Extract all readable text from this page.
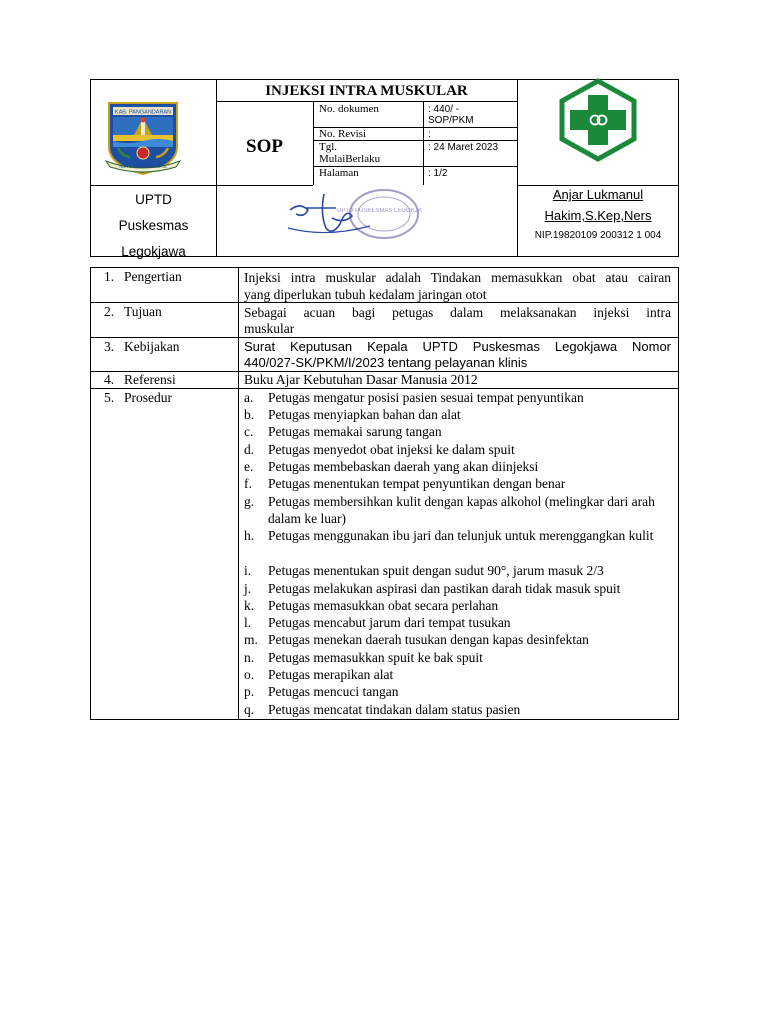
KAB. PANGANDARAN
RAPI & INDAH MEKARRTA
INJEKSI INTRA MUSKULAR
SOP
No. dokumen	: 440/ -
SOP/PKM
No. Revisi	:
Tgl.
MulaiBerlaku
: 24 Maret 2023
Halaman	: 1/2
UPTD
Puskesmas
Legokjawa
UPTD PUSKESMAS LEGOKJAWA
Anjar Lukmanul
Hakim,S.Kep,Ners
NIP.19820109 200312 1 004
1. Pengertian	Injeksi intra muskular adalah Tindakan memasukkan obat atau cairan
yang diperlukan tubuh kedalam jaringan otot
2. Tujuan	Sebagai acuan bagi petugas dalam melaksanakan injeksi intra
muskular
3. Kebijakan	Surat Keputusan Kepala UPTD Puskesmas Legokjawa Nomor
440/027-SK/PKM/I/2023 tentang pelayanan klinis
4. Referensi	Buku Ajar Kebutuhan Dasar Manusia 2012
5. Prosedur	a. Petugas mengatur posisi pasien sesuai tempat penyuntikan
b. Petugas menyiapkan bahan dan alat
c. Petugas memakai sarung tangan
d. Petugas menyedot obat injeksi ke dalam spuit
e. Petugas membebaskan daerah yang akan diinjeksi
f. Petugas menentukan tempat penyuntikan dengan benar
g. Petugas membersihkan kulit dengan kapas alkohol (melingkar dari arah dalam ke luar)
h. Petugas menggunakan ibu jari dan telunjuk untuk merenggangkan kulit
i. Petugas menentukan spuit dengan sudut 90°, jarum masuk 2/3
j. Petugas melakukan aspirasi dan pastikan darah tidak masuk spuit
k. Petugas memasukkan obat secara perlahan
l. Petugas mencabut jarum dari tempat tusukan
m. Petugas menekan daerah tusukan dengan kapas desinfektan
n. Petugas memasukkan spuit ke bak spuit
o. Petugas merapikan alat
p. Petugas mencuci tangan
q. Petugas mencatat tindakan dalam status pasien
